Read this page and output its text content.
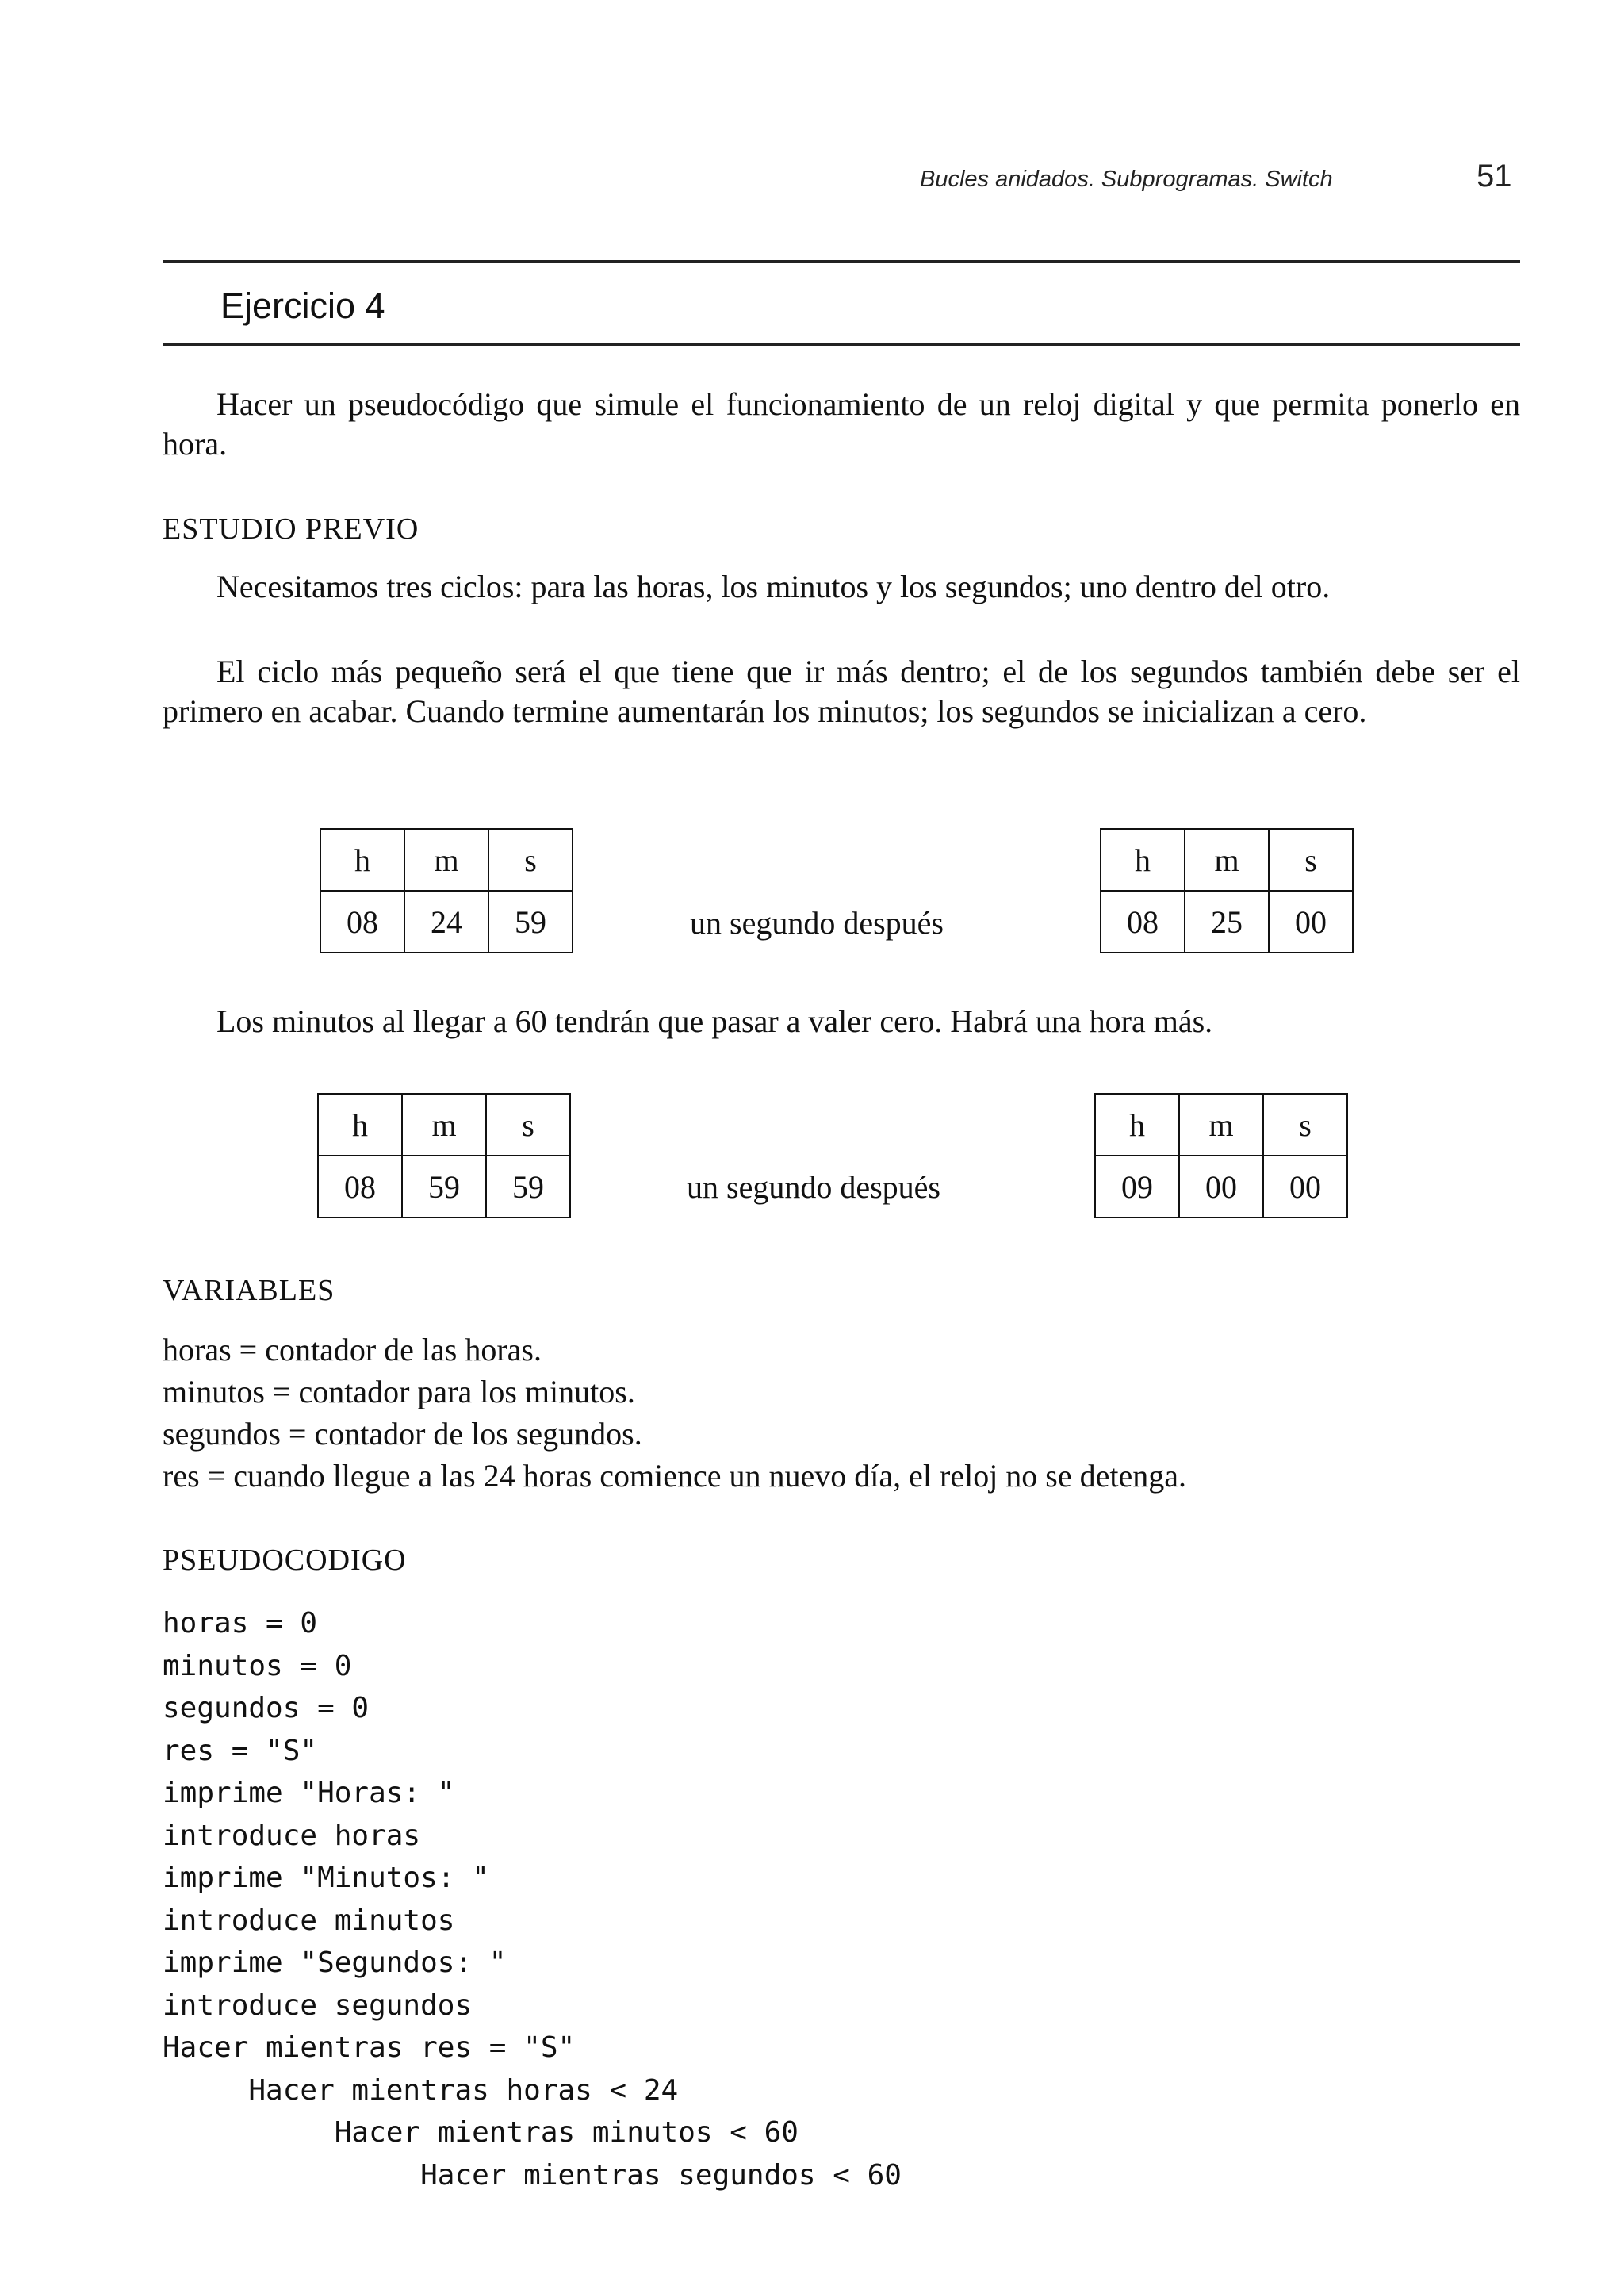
Bucles anidados. Subprogramas. Switch	51
Ejercicio 4

Hacer un pseudocódigo que simule el funcionamiento de un reloj digital y que permita ponerlo en hora.

ESTUDIO PREVIO

Necesitamos tres ciclos: para las horas, los minutos y los segundos; uno dentro del otro.

El ciclo más pequeño será el que tiene que ir más dentro; el de los segundos también debe ser el primero en acabar. Cuando termine aumentarán los minutos; los segundos se inicializan a cero.

h	m	s
08	24	59	un segundo después
h	m	s
08	25	00

Los minutos al llegar a 60 tendrán que pasar a valer cero. Habrá una hora más.

h	m	s
08	59	59	un segundo después
h	m	s
09	00	00
VARIABLES
horas = contador de las horas.
minutos = contador para los minutos.
segundos = contador de los segundos.
res = cuando llegue a las 24 horas comience un nuevo día, el reloj no se detenga.
PSEUDOCODIGO
horas = 0
minutos = 0
segundos = 0
res = "S"
imprime "Horas: "
introduce horas
imprime "Minutos: "
introduce minutos
imprime "Segundos: "
introduce segundos
Hacer mientras res = "S"
Hacer mientras horas < 24
Hacer mientras minutos < 60
Hacer mientras segundos < 60
